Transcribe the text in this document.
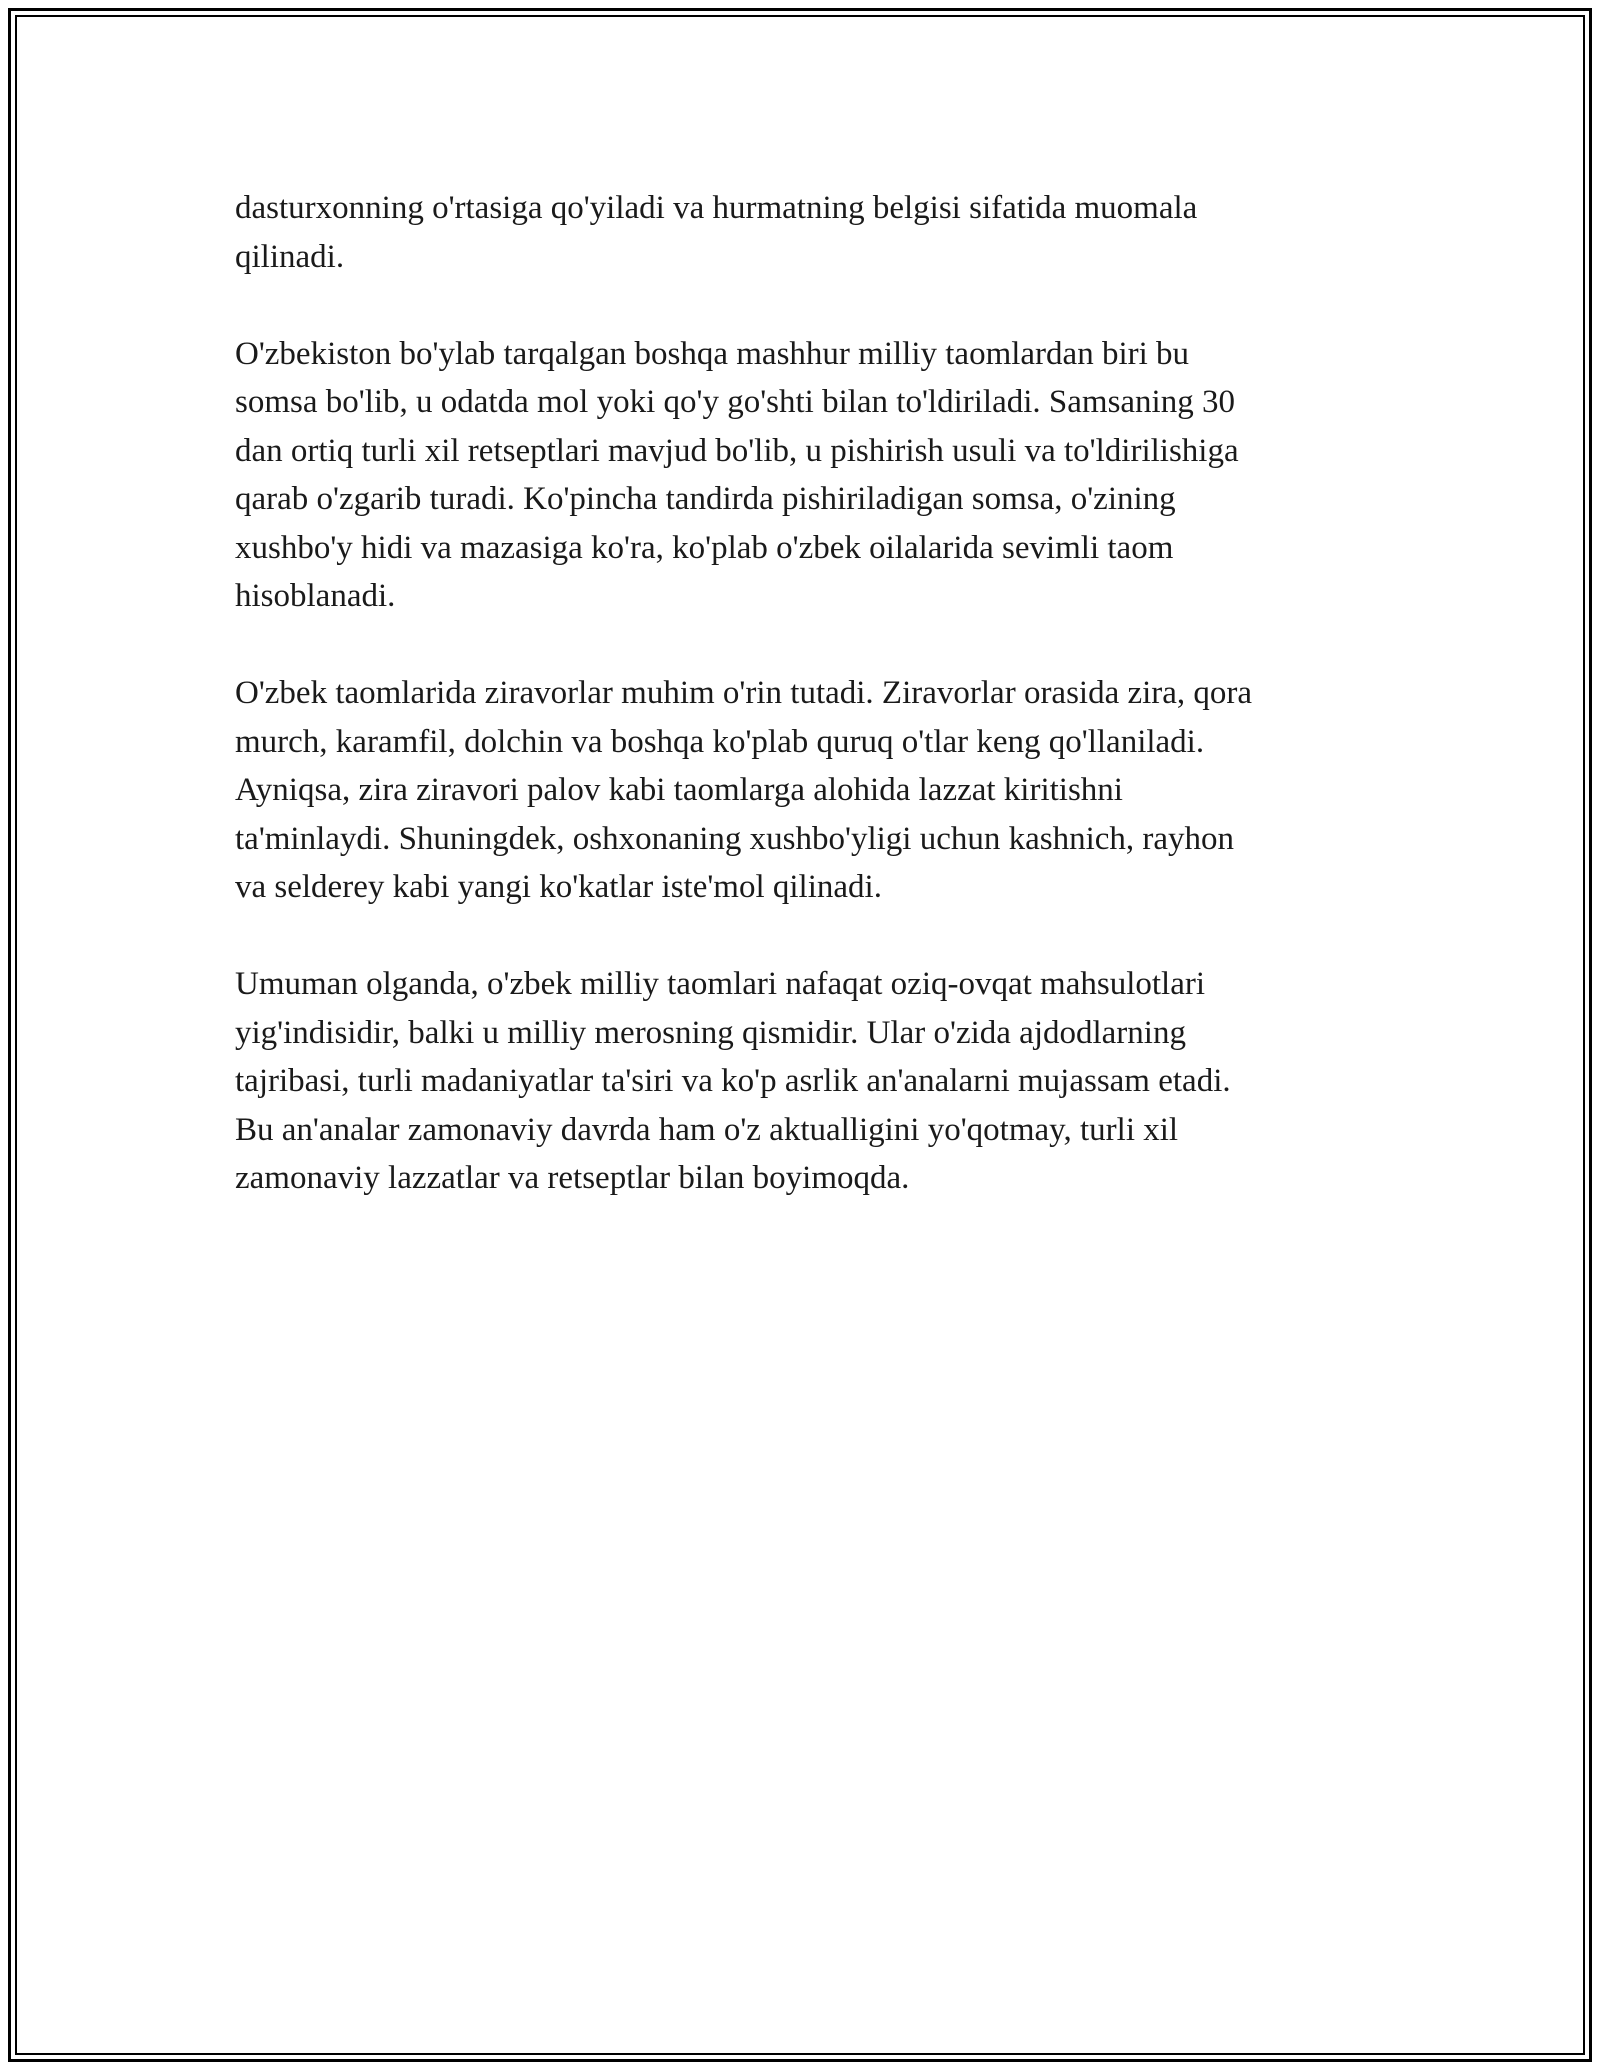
dasturxonning o'rtasiga qo'yiladi va hurmatning belgisi sifatida muomala
qilinadi.

O'zbekiston bo'ylab tarqalgan boshqa mashhur milliy taomlardan biri bu
somsa bo'lib, u odatda mol yoki qo'y go'shti bilan to'ldiriladi. Samsaning 30
dan ortiq turli xil retseptlari mavjud bo'lib, u pishirish usuli va to'ldirilishiga
qarab o'zgarib turadi. Ko'pincha tandirda pishiriladigan somsa, o'zining
xushbo'y hidi va mazasiga ko'ra, ko'plab o'zbek oilalarida sevimli taom
hisoblanadi.

O'zbek taomlarida ziravorlar muhim o'rin tutadi. Ziravorlar orasida zira, qora
murch, karamfil, dolchin va boshqa ko'plab quruq o'tlar keng qo'llaniladi.
Ayniqsa, zira ziravori palov kabi taomlarga alohida lazzat kiritishni
ta'minlaydi. Shuningdek, oshxonaning xushbo'yligi uchun kashnich, rayhon
va selderey kabi yangi ko'katlar iste'mol qilinadi.

Umuman olganda, o'zbek milliy taomlari nafaqat oziq-ovqat mahsulotlari
yig'indisidir, balki u milliy merosning qismidir. Ular o'zida ajdodlarning
tajribasi, turli madaniyatlar ta'siri va ko'p asrlik an'analarni mujassam etadi.
Bu an'analar zamonaviy davrda ham o'z aktualligini yo'qotmay, turli xil
zamonaviy lazzatlar va retseptlar bilan boyimoqda.
